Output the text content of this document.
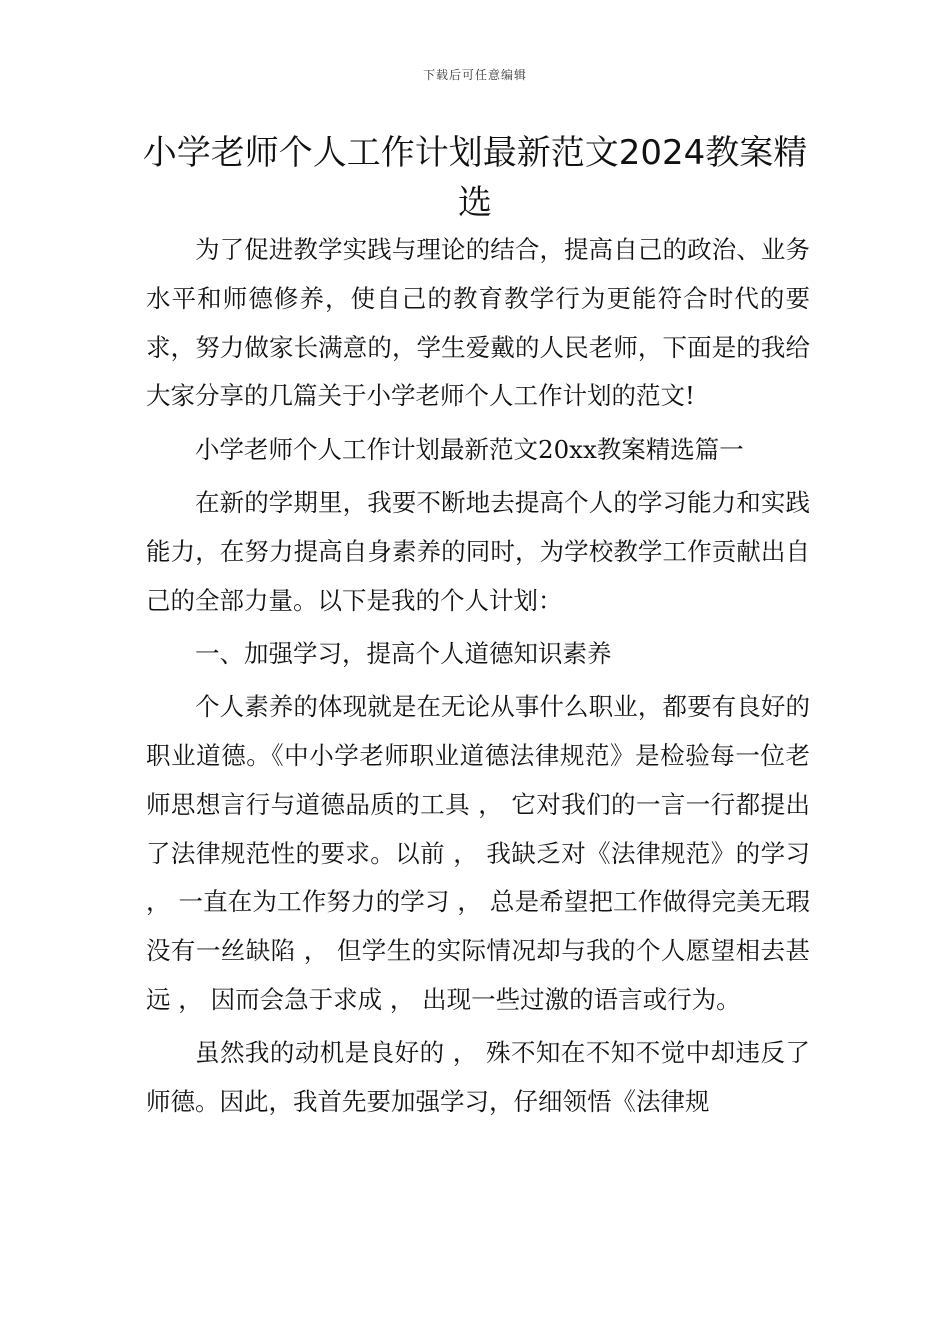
下载后可任意编辑
小学老师个人工作计划最新范文2024教案精选

为了促进教学实践与理论的结合，提高自己的政治、业务水平和师德修养，使自己的教育教学行为更能符合时代的要求，努力做家长满意的，学生爱戴的人民老师，下面是的我给大家分享的几篇关于小学老师个人工作计划的范文!

小学老师个人工作计划最新范文20xx教案精选篇一

在新的学期里，我要不断地去提高个人的学习能力和实践能力，在努力提高自身素养的同时，为学校教学工作贡献出自己的全部力量。以下是我的个人计划：

一、加强学习，提高个人道德知识素养

个人素养的体现就是在无论从事什么职业，都要有良好的职业道德。《中小学老师职业道德法律规范》是检验每一位老师思想言行与道德品质的工具 ， 它对我们的一言一行都提出了法律规范性的要求。以前 ， 我缺乏对《法律规范》的学习 ， 一直在为工作努力的学习 ， 总是希望把工作做得完美无瑕没有一丝缺陷 ， 但学生的实际情况却与我的个人愿望相去甚远 ， 因而会急于求成 ， 出现一些过激的语言或行为。

虽然我的动机是良好的 ， 殊不知在不知不觉中却违反了师德。因此，我首先要加强学习，仔细领悟《法律规
